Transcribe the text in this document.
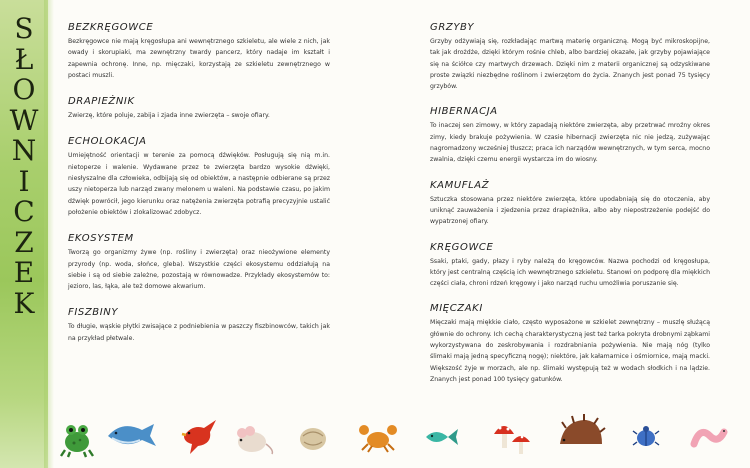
S
Ł
O
W
N
I
C
Z
E
K

BEZKRĘGOWCE

Bezkręgowce nie mają kręgosłupa ani wewnętrznego szkieletu, ale wiele z nich, jak owady i skorupiaki, ma zewnętrzny twardy pancerz, który nadaje im kształt i zapewnia ochronę. Inne, np. mięczaki, korzystają ze szkieletu zewnętrznego w postaci muszli.

DRAPIEŻNIK

Zwierzę, które poluje, zabija i zjada inne zwierzęta – swoje ofiary.

ECHOLOKACJA

Umiejętność orientacji w terenie za pomocą dźwięków. Posługują się nią m.in. nietoperze i walenie. Wydawane przez te zwierzęta bardzo wysokie dźwięki, niesłyszalne dla człowieka, odbijają się od obiektów, a następnie odbierane są przez uszy nietoperza lub narząd zwany melonem u waleni. Na podstawie czasu, po jakim dźwięk powrócił, jego kierunku oraz natężenia zwierzęta potrafią precyzyjnie ustalić położenie obiektów i zlokalizować zdobycz.

EKOSYSTEM

Tworzą go organizmy żywe (np. rośliny i zwierzęta) oraz nieożywione elementy przyrody (np. woda, słońce, gleba). Wszystkie części ekosystemu oddziałują na siebie i są od siebie zależne, pozostają w równowadze. Przykłady ekosystemów to: jezioro, las, łąka, ale też domowe akwarium.

FISZBINY

To długie, wąskie płytki zwisające z podniebienia w paszczy fiszbinowców, takich jak na przykład płetwale.

GRZYBY

Grzyby odżywiają się, rozkładając martwą materię organiczną. Mogą być mikroskopijne, tak jak drożdże, dzięki którym rośnie chleb, albo bardziej okazałe, jak grzyby pojawiające się na ściółce czy martwych drzewach. Dzięki nim z materii organicznej są odzyskiwane proste związki niezbędne roślinom i zwierzętom do życia. Znanych jest ponad 75 tysięcy grzybów.

HIBERNACJA

To inaczej sen zimowy, w który zapadają niektóre zwierzęta, aby przetrwać mroźny okres zimy, kiedy brakuje pożywienia. W czasie hibernacji zwierzęta nic nie jedzą, zużywając nagromadzony wcześniej tłuszcz; praca ich narządów wewnętrznych, w tym serca, mocno zwalnia, dzięki czemu energii wystarcza im do wiosny.

KAMUFLAŻ

Sztuczka stosowana przez niektóre zwierzęta, które upodabniają się do otoczenia, aby uniknąć zauważenia i zjedzenia przez drapieżnika, albo aby niepostrzeżenie podejść do wypatrzonej ofiary.

KRĘGOWCE

Ssaki, ptaki, gady, płazy i ryby należą do kręgowców. Nazwa pochodzi od kręgosłupa, który jest centralną częścią ich wewnętrznego szkieletu. Stanowi on podporę dla miękkich części ciała, chroni rdzeń kręgowy i jako narząd ruchu umożliwia poruszanie się.

MIĘCZAKI

Mięczaki mają miękkie ciało, często wyposażone w szkielet zewnętrzny – muszlę służącą głównie do ochrony. Ich cechą charakterystyczną jest też tarka pokryta drobnymi ząbkami wykorzystywana do zeskrobywania i rozdrabniania pożywienia. Nie mają nóg (tylko ślimaki mają jedną specyficzną nogę); niektóre, jak kałamarnice i ośmiornice, mają macki. Większość żyje w morzach, ale np. ślimaki występują też w wodach słodkich i na lądzie. Znanych jest ponad 100 tysięcy gatunków.
